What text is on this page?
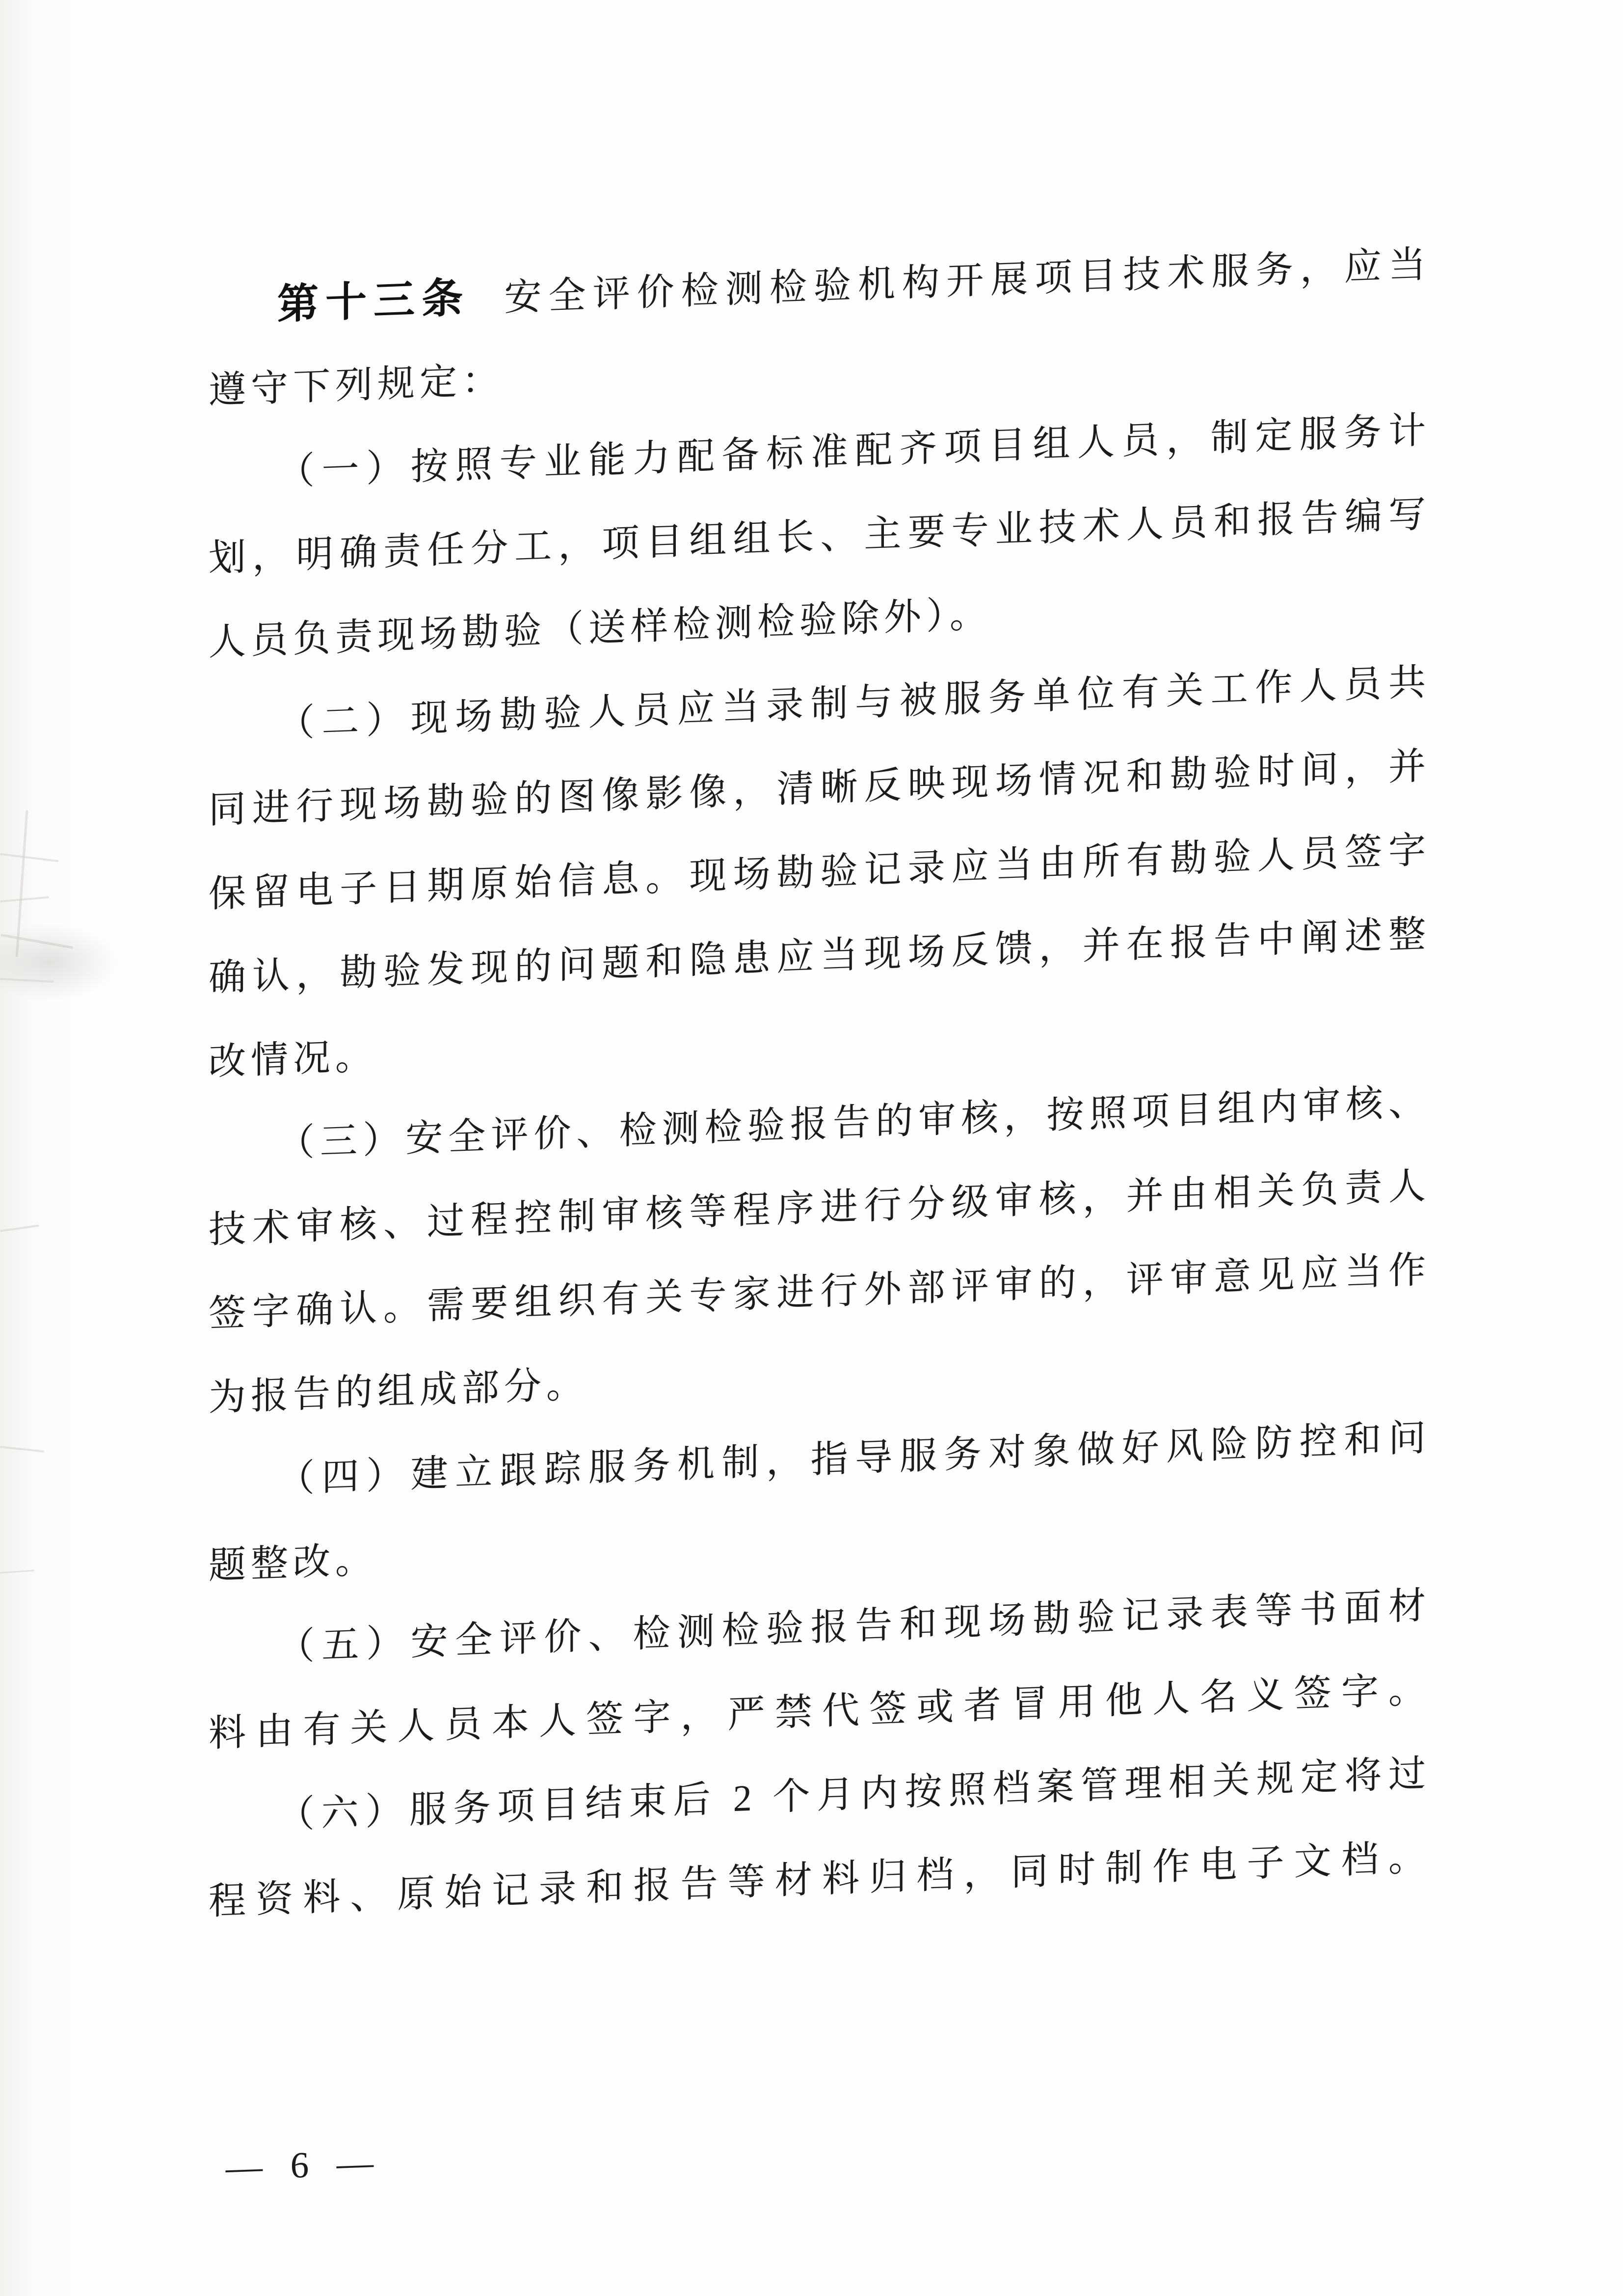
第十三条 安全评价检测检验机构开展项目技术服务，应当
遵守下列规定：
（一）按照专业能力配备标准配齐项目组人员，制定服务计
划，明确责任分工，项目组组长、主要专业技术人员和报告编写
人员负责现场勘验（送样检测检验除外）。
（二）现场勘验人员应当录制与被服务单位有关工作人员共
同进行现场勘验的图像影像，清晰反映现场情况和勘验时间，并
保留电子日期原始信息。现场勘验记录应当由所有勘验人员签字
确认，勘验发现的问题和隐患应当现场反馈，并在报告中阐述整
改情况。
（三）安全评价、检测检验报告的审核，按照项目组内审核、
技术审核、过程控制审核等程序进行分级审核，并由相关负责人
签字确认。需要组织有关专家进行外部评审的，评审意见应当作
为报告的组成部分。
（四）建立跟踪服务机制，指导服务对象做好风险防控和问
题整改。
（五）安全评价、检测检验报告和现场勘验记录表等书面材
料由有关人员本人签字，严禁代签或者冒用他人名义签字。
（六）服务项目结束后 2 个月内按照档案管理相关规定将过
程资料、原始记录和报告等材料归档，同时制作电子文档。
— 6 —
